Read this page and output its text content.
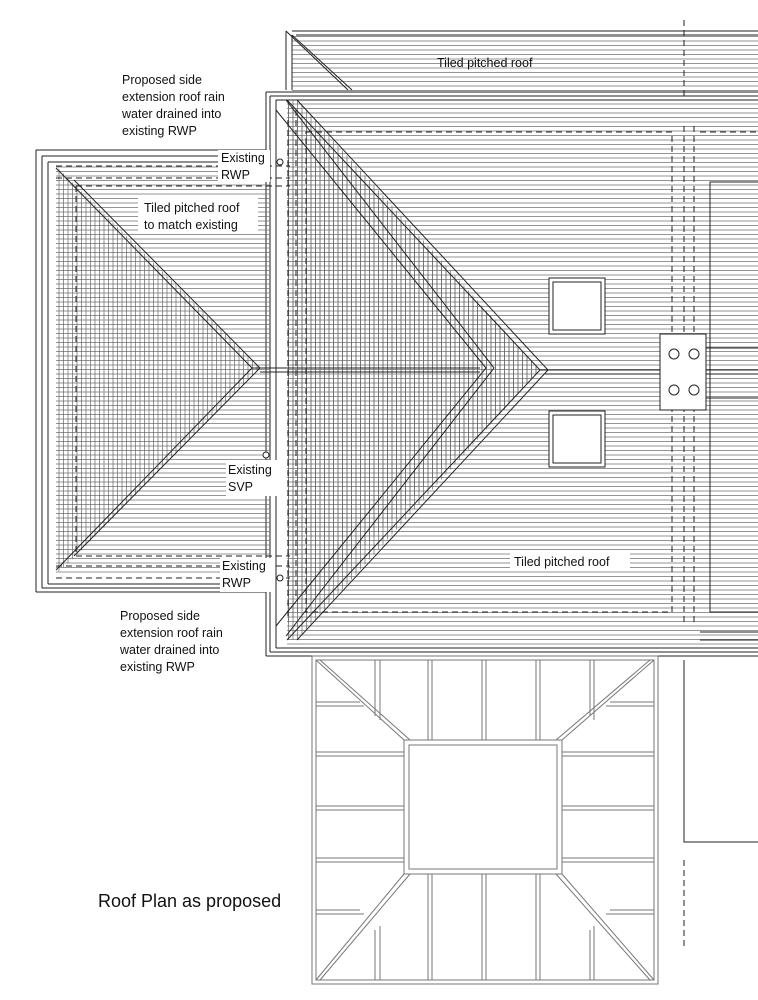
Tiled pitched roof
Proposed side
extension roof rain
water drained into
existing RWP
Existing
RWP
Tiled pitched roof
to match existing
Existing
SVP
Existing
RWP
Tiled pitched roof
Proposed side
extension roof rain
water drained into
existing RWP
Roof Plan as proposed
